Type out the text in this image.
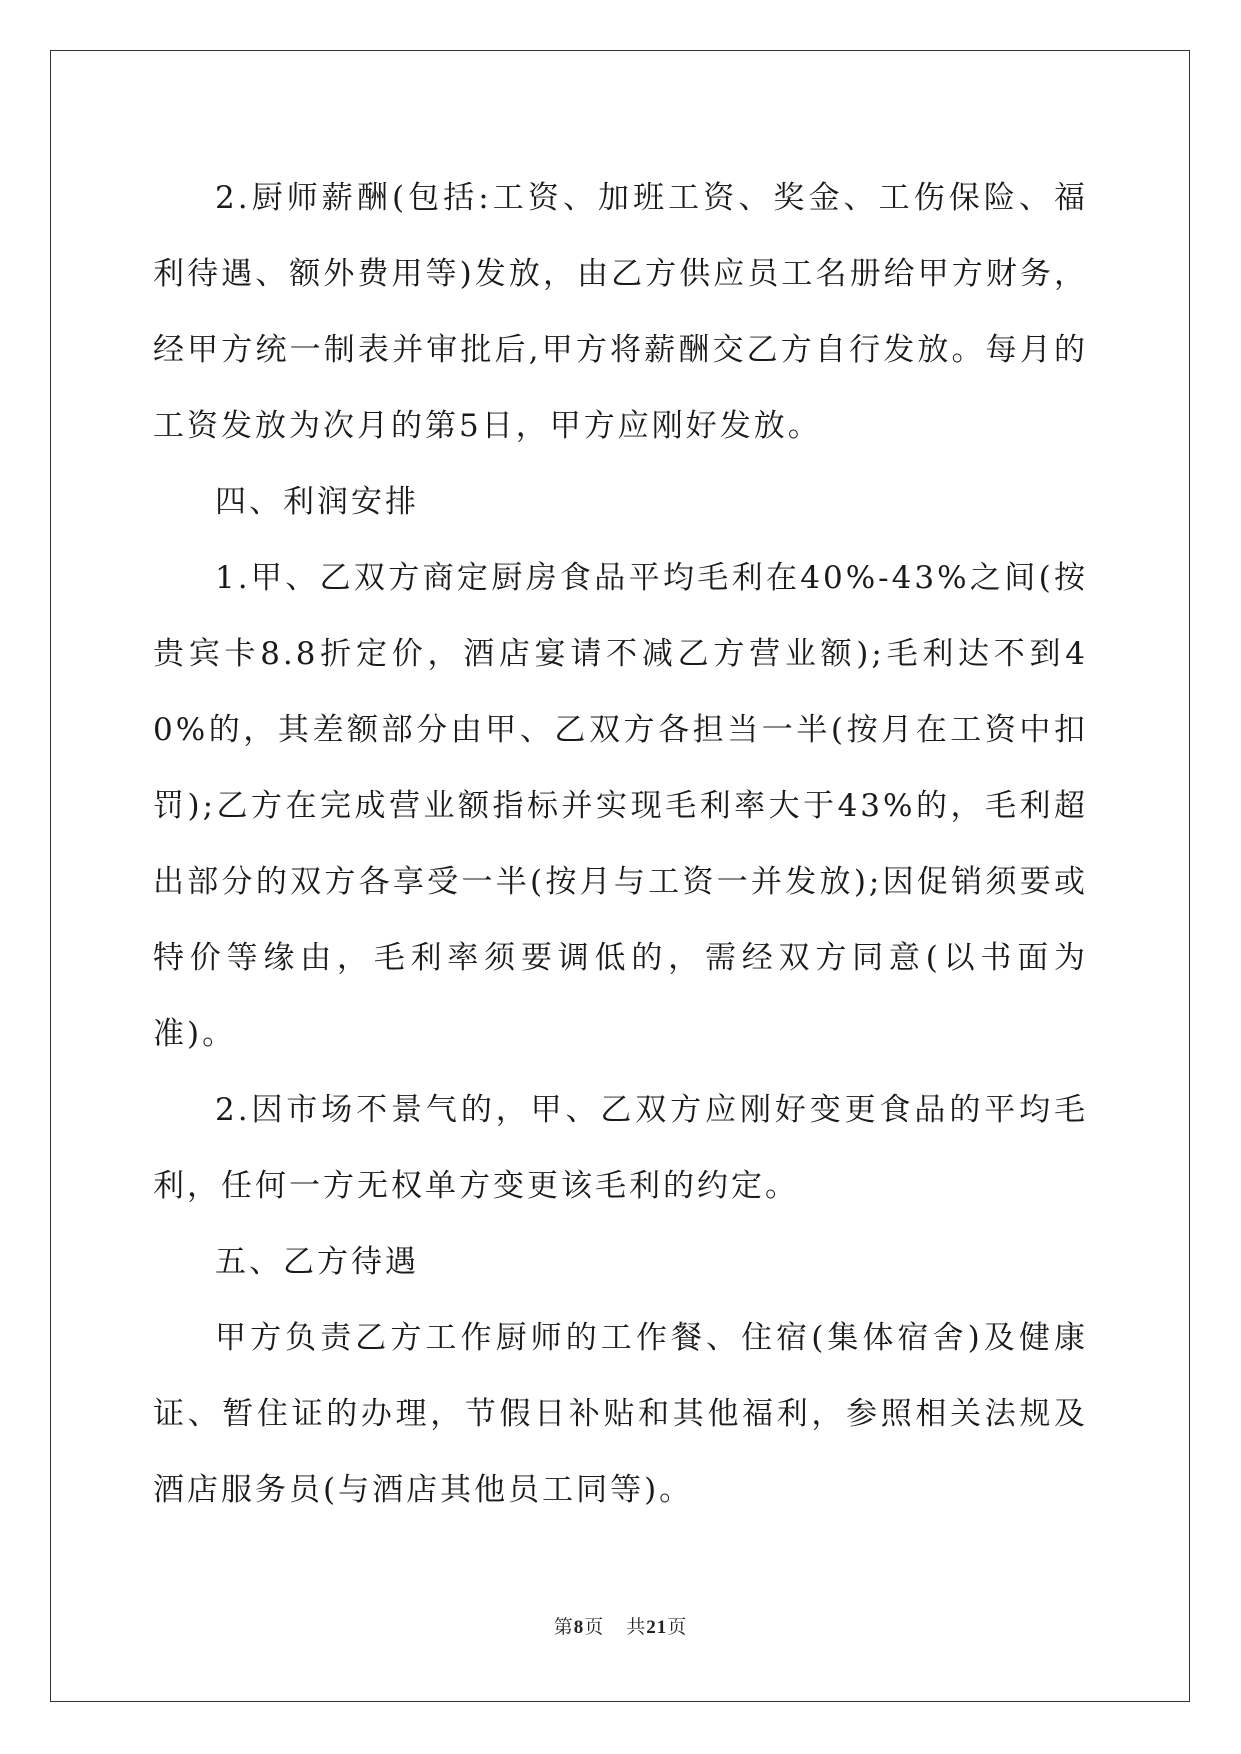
2.厨师薪酬(包括:工资、加班工资、奖金、工伤保险、福利待遇、额外费用等)发放，由乙方供应员工名册给甲方财务，经甲方统一制表并审批后,甲方将薪酬交乙方自行发放。每月的工资发放为次月的第5日，甲方应刚好发放。

四、利润安排

1.甲、乙双方商定厨房食品平均毛利在40%-43%之间(按贵宾卡8.8折定价，酒店宴请不减乙方营业额);毛利达不到40%的，其差额部分由甲、乙双方各担当一半(按月在工资中扣罚);乙方在完成营业额指标并实现毛利率大于43%的，毛利超出部分的双方各享受一半(按月与工资一并发放);因促销须要或特价等缘由，毛利率须要调低的，需经双方同意(以书面为准)。

2.因市场不景气的，甲、乙双方应刚好变更食品的平均毛利，任何一方无权单方变更该毛利的约定。

五、乙方待遇

甲方负责乙方工作厨师的工作餐、住宿(集体宿舍)及健康证、暂住证的办理，节假日补贴和其他福利，参照相关法规及酒店服务员(与酒店其他员工同等)。

第8页 共21页
